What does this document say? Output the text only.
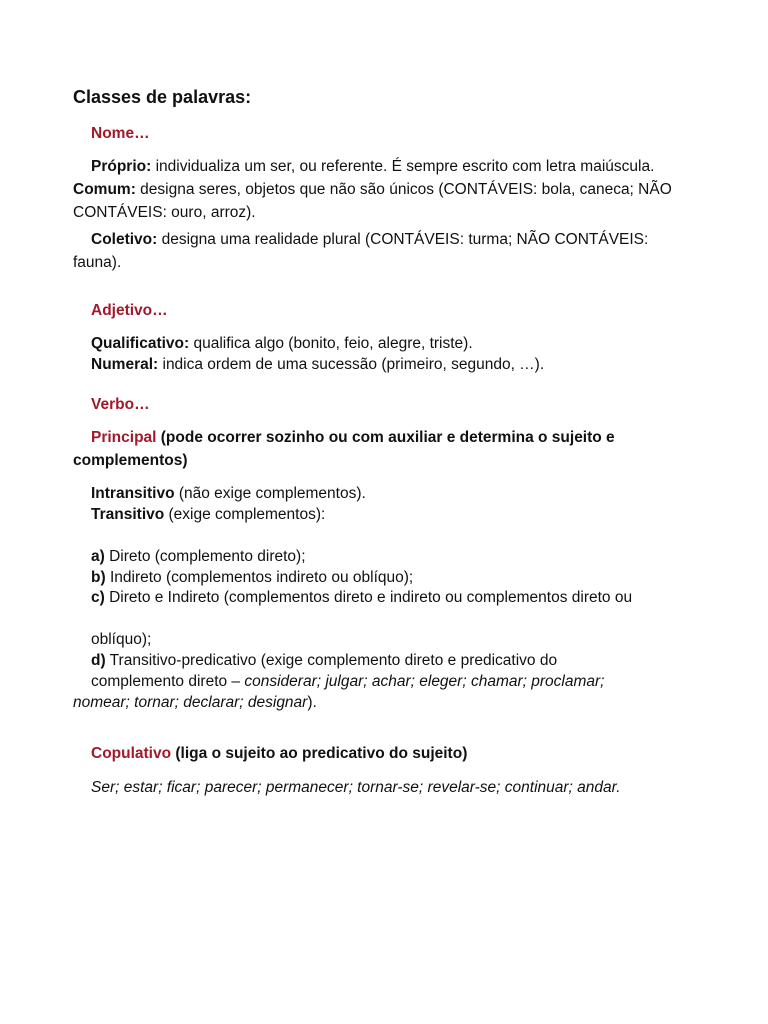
Classes de palavras:
Nome…
Próprio: individualiza um ser, ou referente. É sempre escrito com letra maiúscula. Comum: designa seres, objetos que não são únicos (CONTÁVEIS: bola, caneca; NÃO CONTÁVEIS: ouro, arroz).
Coletivo: designa uma realidade plural (CONTÁVEIS: turma; NÃO CONTÁVEIS: fauna).
Adjetivo…
Qualificativo: qualifica algo (bonito, feio, alegre, triste).
Numeral: indica ordem de uma sucessão (primeiro, segundo, …).
Verbo…
Principal (pode ocorrer sozinho ou com auxiliar e determina o sujeito e complementos)
Intransitivo (não exige complementos).
Transitivo (exige complementos):
a) Direto (complemento direto);
b) Indireto (complementos indireto ou oblíquo);
c) Direto e Indireto (complementos direto e indireto ou complementos direto ou
oblíquo);
d) Transitivo-predicativo (exige complemento direto e predicativo do
complemento direto – considerar; julgar; achar; eleger; chamar; proclamar; nomear; tornar; declarar; designar).
Copulativo (liga o sujeito ao predicativo do sujeito)
Ser; estar; ficar; parecer; permanecer; tornar-se; revelar-se; continuar; andar.
